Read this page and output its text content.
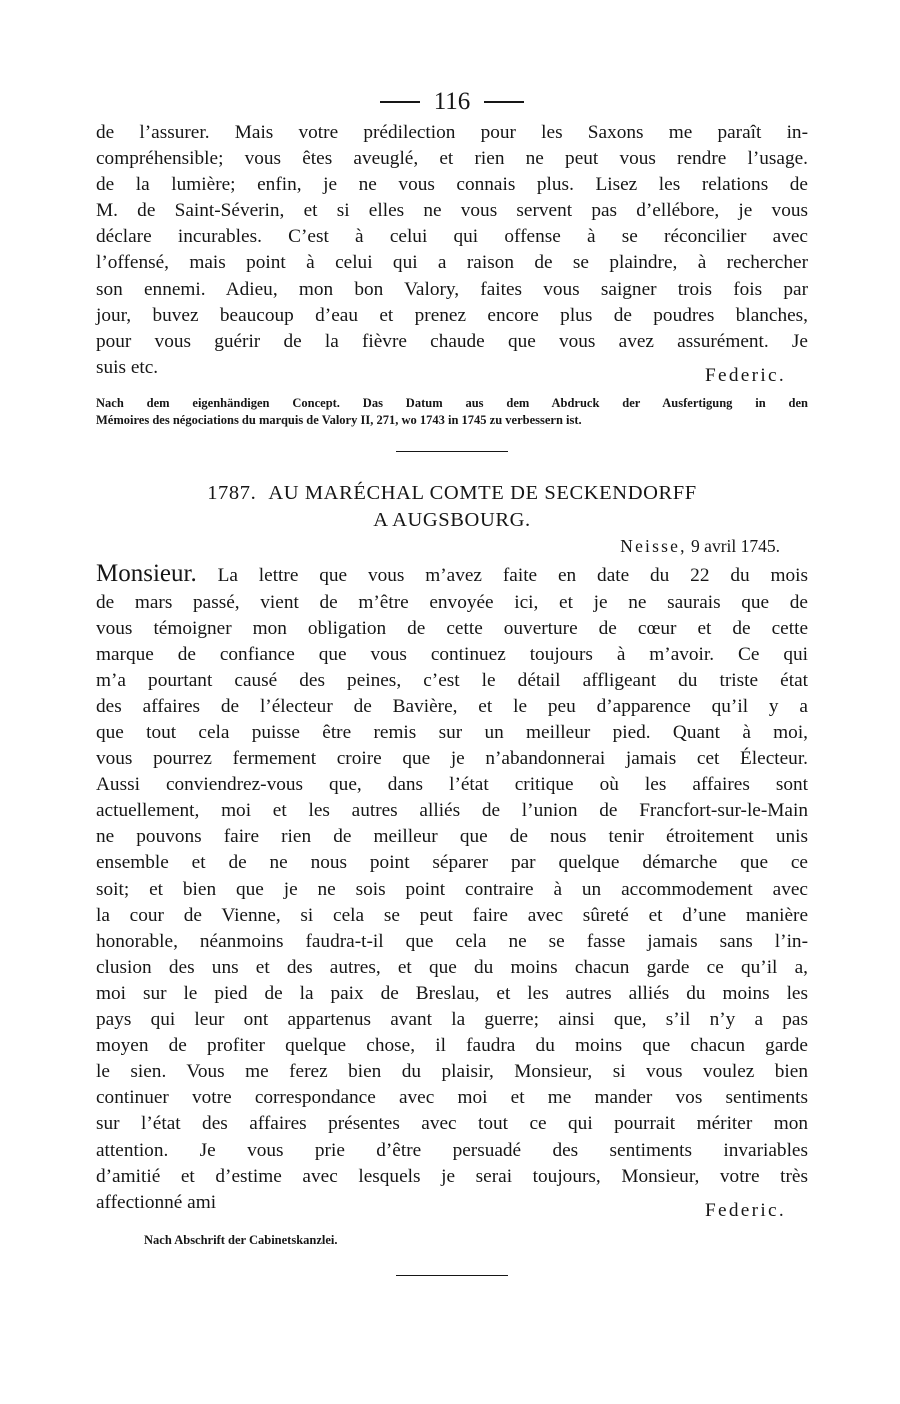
116

de l’assurer. Mais votre prédilection pour les Saxons me paraît in-

compréhensible; vous êtes aveuglé, et rien ne peut vous rendre l’usage.

de la lumière; enfin, je ne vous connais plus. Lisez les relations de

M. de Saint-Séverin, et si elles ne vous servent pas d’ellébore, je vous

déclare incurables. C’est à celui qui offense à se réconcilier avec

l’offensé, mais point à celui qui a raison de se plaindre, à rechercher

son ennemi. Adieu, mon bon Valory, faites vous saigner trois fois par

jour, buvez beaucoup d’eau et prenez encore plus de poudres blanches,

pour vous guérir de la fièvre chaude que vous avez assurément. Je

suis etc.	Federic.
Nach dem eigenhändigen Concept. Das Datum aus dem Abdruck der Ausfertigung in den
Mémoires des négociations du marquis de Valory II, 271, wo 1743 in 1745 zu verbessern ist.
1787. AU MARÉCHAL COMTE DE SECKENDORFF
A AUGSBOURG.
Neisse, 9 avril 1745.

Monsieur. La lettre que vous m’avez faite en date du 22 du mois

de mars passé, vient de m’être envoyée ici, et je ne saurais que de

vous témoigner mon obligation de cette ouverture de cœur et de cette

marque de confiance que vous continuez toujours à m’avoir. Ce qui

m’a pourtant causé des peines, c’est le détail affligeant du triste état

des affaires de l’électeur de Bavière, et le peu d’apparence qu’il y a

que tout cela puisse être remis sur un meilleur pied. Quant à moi,

vous pourrez fermement croire que je n’abandonnerai jamais cet Électeur.

Aussi conviendrez-vous que, dans l’état critique où les affaires sont

actuellement, moi et les autres alliés de l’union de Francfort-sur-le-Main

ne pouvons faire rien de meilleur que de nous tenir étroitement unis

ensemble et de ne nous point séparer par quelque démarche que ce

soit; et bien que je ne sois point contraire à un accommodement avec

la cour de Vienne, si cela se peut faire avec sûreté et d’une manière

honorable, néanmoins faudra-t-il que cela ne se fasse jamais sans l’in-

clusion des uns et des autres, et que du moins chacun garde ce qu’il a,

moi sur le pied de la paix de Breslau, et les autres alliés du moins les

pays qui leur ont appartenus avant la guerre; ainsi que, s’il n’y a pas

moyen de profiter quelque chose, il faudra du moins que chacun garde

le sien. Vous me ferez bien du plaisir, Monsieur, si vous voulez bien

continuer votre correspondance avec moi et me mander vos sentiments

sur l’état des affaires présentes avec tout ce qui pourrait mériter mon

attention. Je vous prie d’être persuadé des sentiments invariables

d’amitié et d’estime avec lesquels je serai toujours, Monsieur, votre très

affectionné ami	Federic.
Nach Abschrift der Cabinetskanzlei.
